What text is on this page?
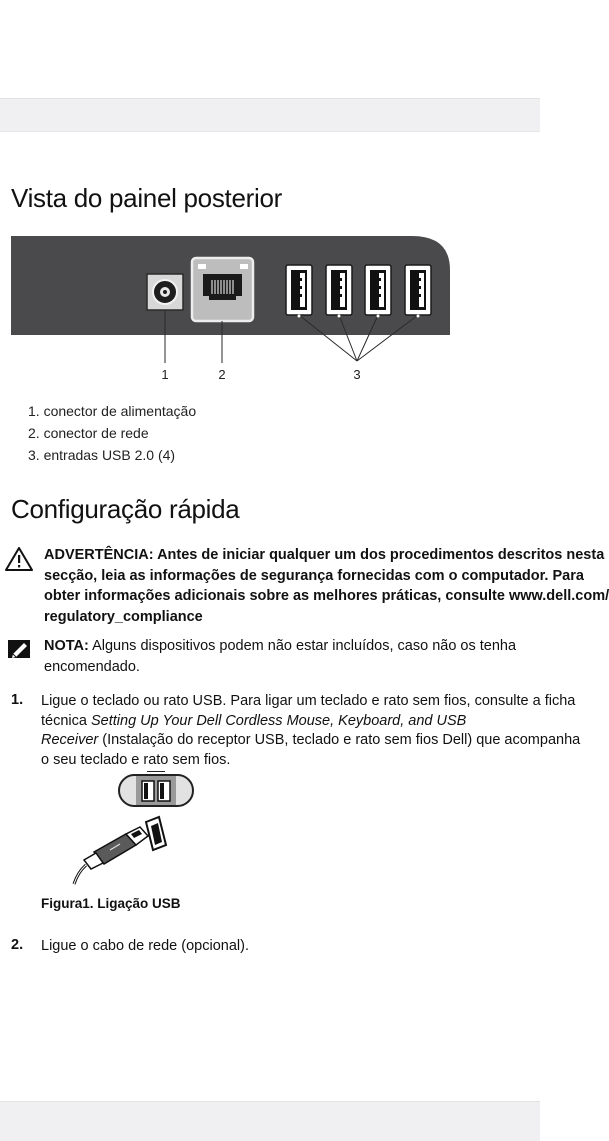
Vista do painel posterior
1	2	3
1. conector de alimentação
2. conector de rede
3. entradas USB 2.0 (4)
Configuração rápida
ADVERTÊNCIA: Antes de iniciar qualquer um dos procedimentos descritos nesta
secção, leia as informações de segurança fornecidas com o computador. Para
obter informações adicionais sobre as melhores práticas, consulte www.dell.com/
regulatory_compliance
NOTA: Alguns dispositivos podem não estar incluídos, caso não os tenha
encomendado.
1. Ligue o teclado ou rato USB. Para ligar um teclado e rato sem fios, consulte a ficha
técnica Setting Up Your Dell Cordless Mouse, Keyboard, and USB
Receiver (Instalação do receptor USB, teclado e rato sem fios Dell) que acompanha
o seu teclado e rato sem fios.
Figura1. Ligação USB
2. Ligue o cabo de rede (opcional).
